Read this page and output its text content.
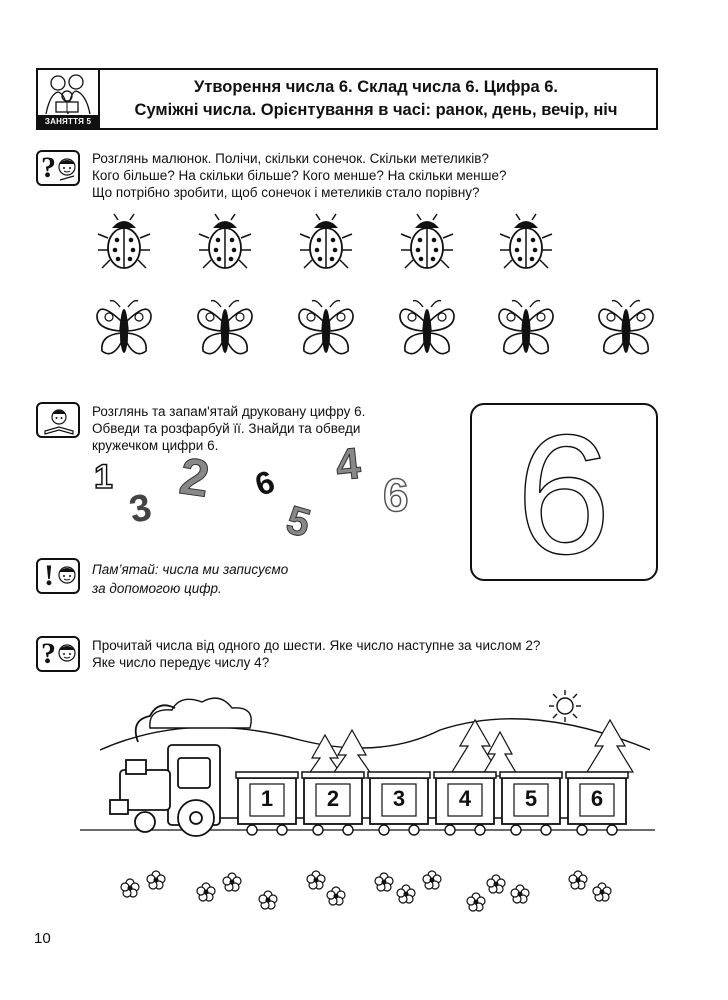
ЗАНЯТТЯ 5
Утворення числа 6. Склад числа 6. Цифра 6.
Суміжні числа. Орієнтування в часі: ранок, день, вечір, ніч
?	Розглянь малюнок. Полічи, скільки сонечок. Скільки метеликів?
Кого більше? На скільки більше? Кого менше? На скільки менше?
Що потрібно зробити, щоб сонечок і метеликів стало порівну?
Розглянь та запам'ятай друковану цифру 6.
Обведи та розфарбуй її. Знайди та обведи
кружечком цифри 6.
1
3
2 6 4
5
6 6
!	Пам’ятай: числа ми записуємо
за допомогою цифр.
?	Прочитай числа від одного до шести. Яке число наступне за числом 2?
Яке число передує числу 4?
1	2	3	4	5	6
10
